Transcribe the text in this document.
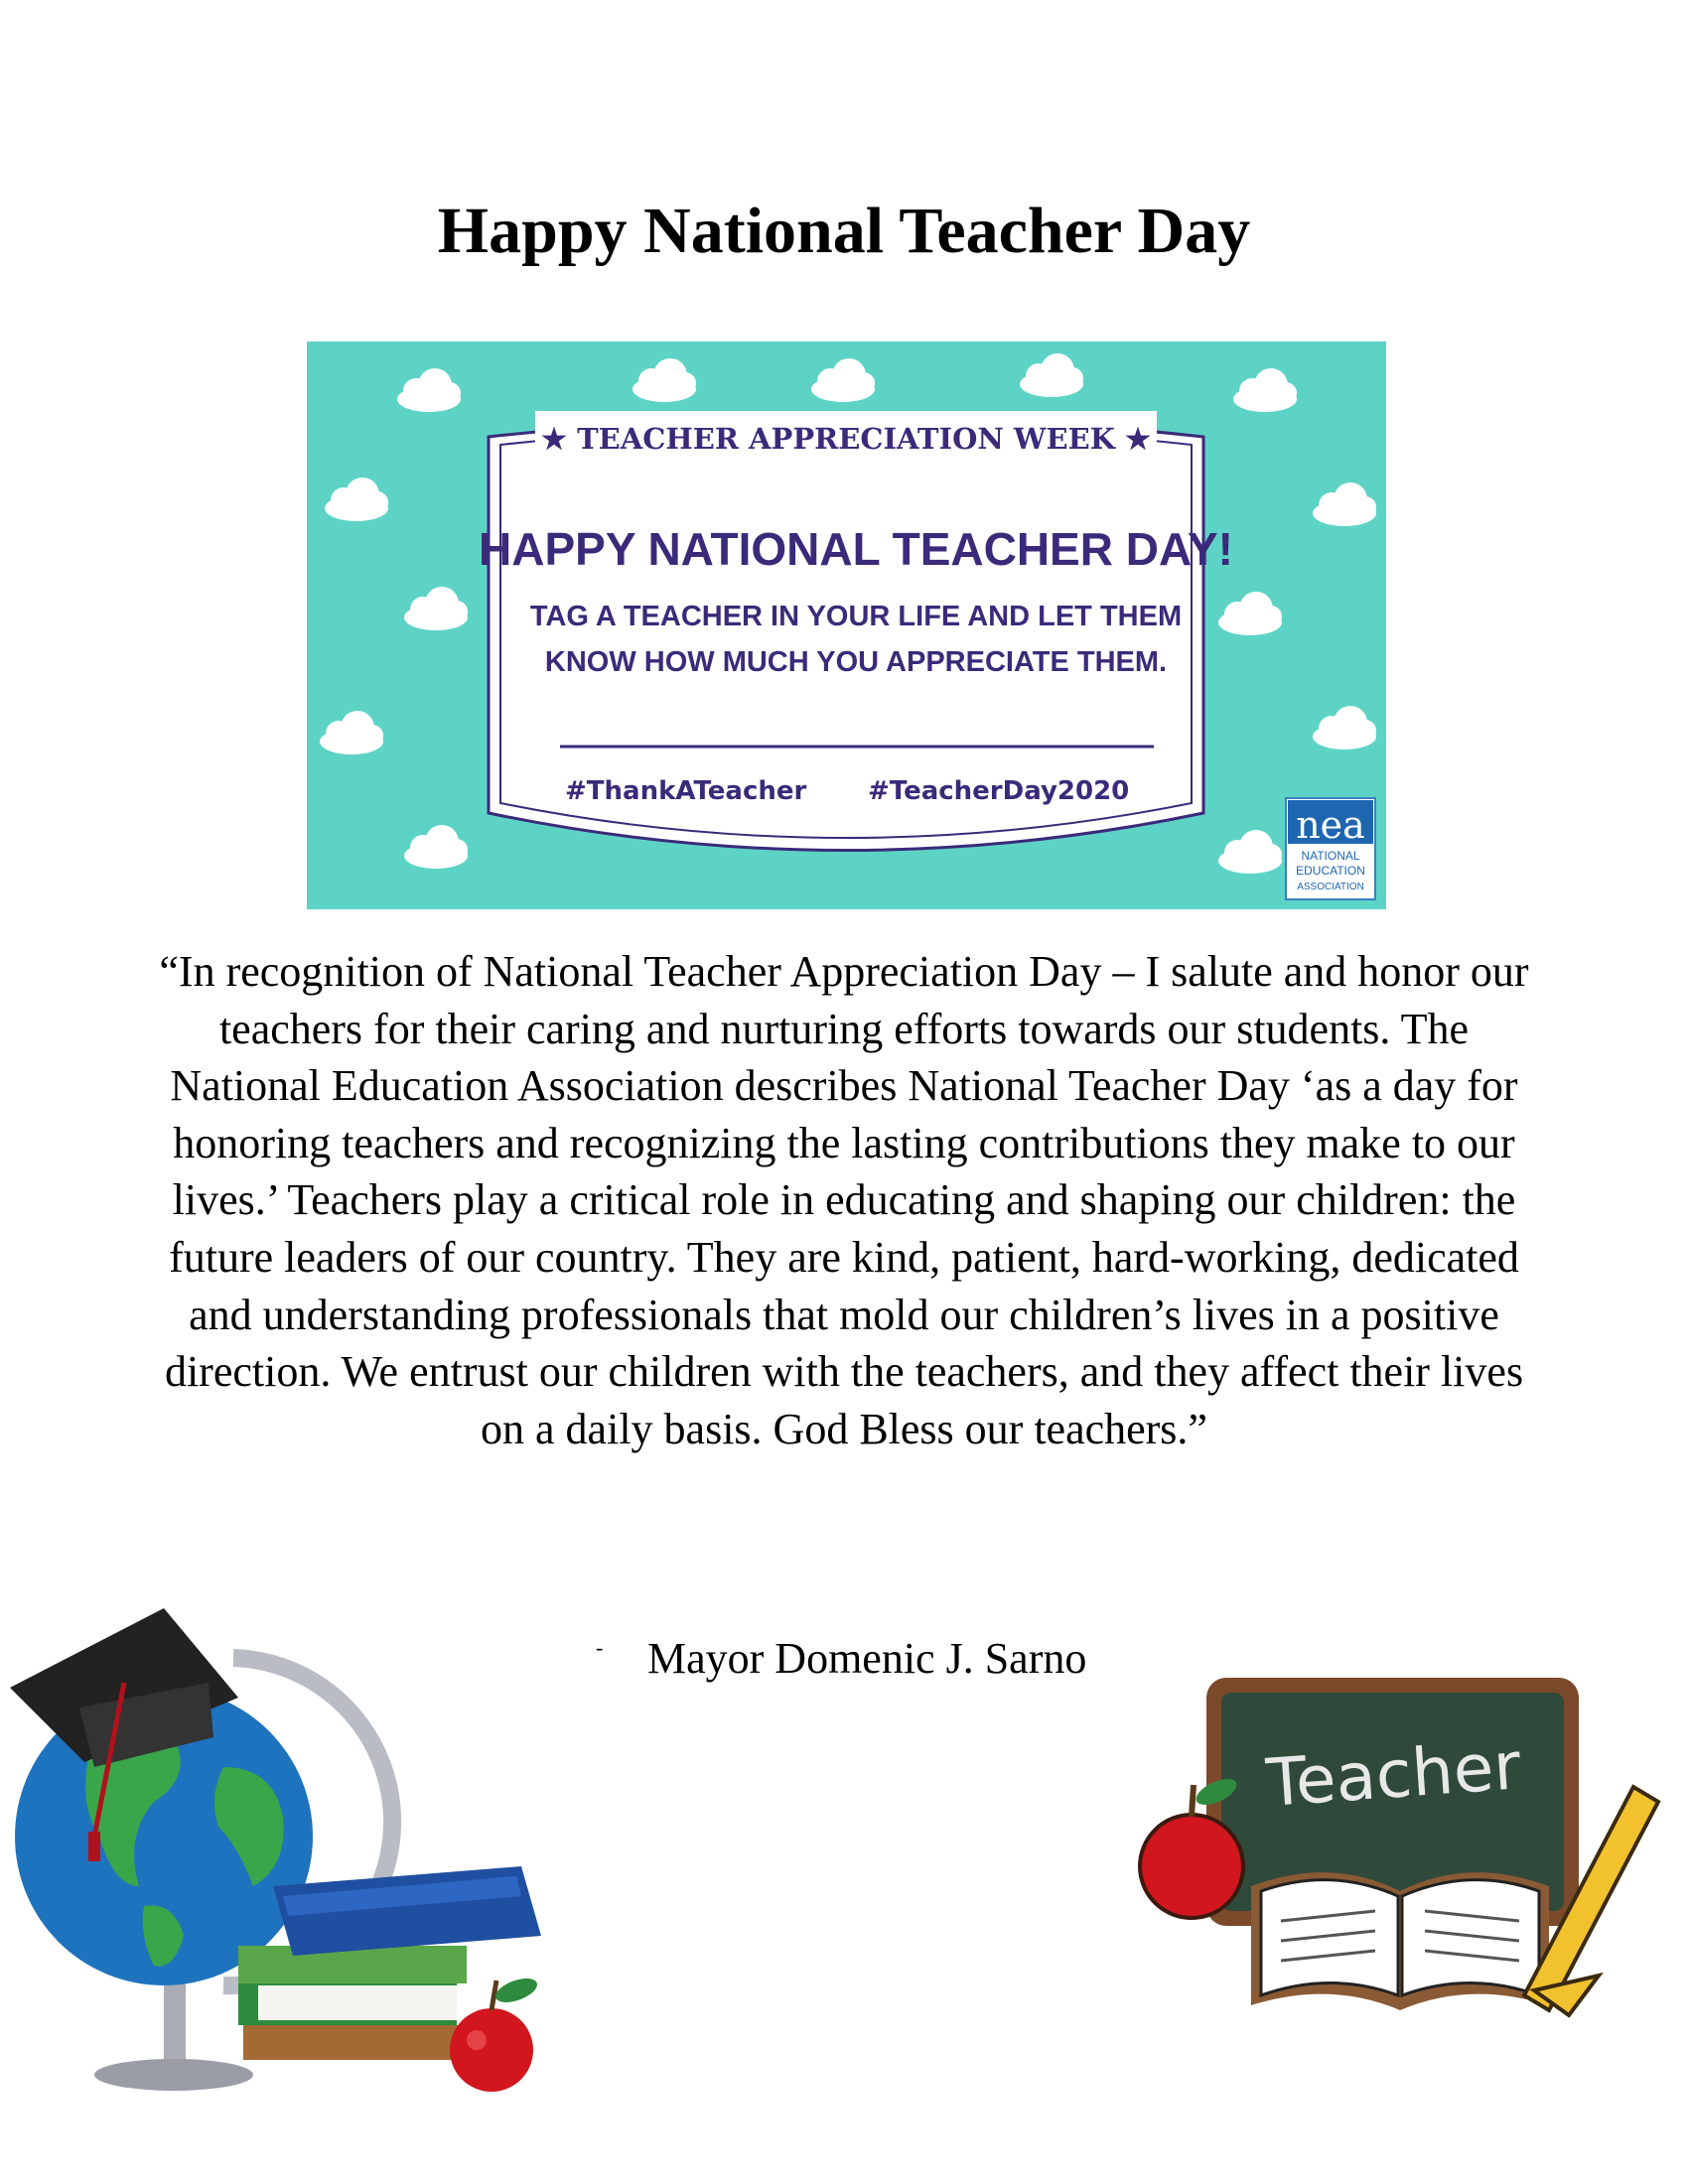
Happy National Teacher Day
★ TEACHER APPRECIATION WEEK ★
HAPPY NATIONAL TEACHER DAY!
TAG A TEACHER IN YOUR LIFE AND LET THEM
KNOW HOW MUCH YOU APPRECIATE THEM.
#ThankATeacher #TeacherDay2020
nea
NATIONAL
EDUCATION
ASSOCIATION

“In recognition of National Teacher Appreciation Day – I salute and honor our teachers for their caring and nurturing efforts towards our students. The National Education Association describes National Teacher Day ‘as a day for honoring teachers and recognizing the lasting contributions they make to our lives.’ Teachers play a critical role in educating and shaping our children: the future leaders of our country. They are kind, patient, hard-working, dedicated and understanding professionals that mold our children’s lives in a positive direction. We entrust our children with the teachers, and they affect their lives on a daily basis. God Bless our teachers.”

- Mayor Domenic J. Sarno
Teacher
